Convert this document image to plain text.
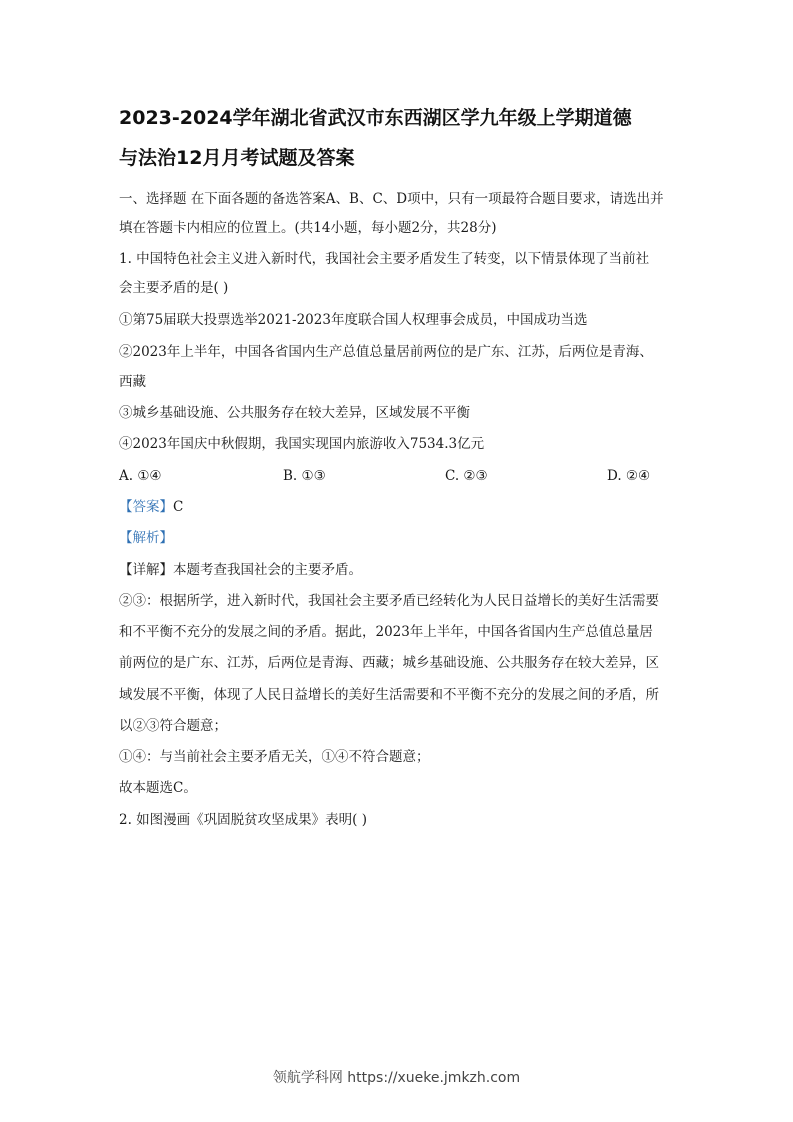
2023-2024学年湖北省武汉市东西湖区学九年级上学期道德
与法治12月月考试题及答案
一、选择题 在下面各题的备选答案A、B、C、D项中，只有一项最符合题目要求，请选出并
填在答题卡内相应的位置上。(共14小题，每小题2分，共28分)
1. 中国特色社会主义进入新时代，我国社会主要矛盾发生了转变，以下情景体现了当前社
会主要矛盾的是( )
①第75届联大投票选举2021-2023年度联合国人权理事会成员，中国成功当选
②2023年上半年，中国各省国内生产总值总量居前两位的是广东、江苏，后两位是青海、
西藏
③城乡基础设施、公共服务存在较大差异，区域发展不平衡
④2023年国庆中秋假期，我国实现国内旅游收入7534.3亿元
A. ①④	B. ①③	C. ②③	D. ②④
【答案】C
【解析】
【详解】本题考查我国社会的主要矛盾。
②③：根据所学，进入新时代，我国社会主要矛盾已经转化为人民日益增长的美好生活需要
和不平衡不充分的发展之间的矛盾。据此，2023年上半年，中国各省国内生产总值总量居
前两位的是广东、江苏，后两位是青海、西藏；城乡基础设施、公共服务存在较大差异，区
域发展不平衡，体现了人民日益增长的美好生活需要和不平衡不充分的发展之间的矛盾，所
以②③符合题意；
①④：与当前社会主要矛盾无关，①④不符合题意；
故本题选C。
2. 如图漫画《巩固脱贫攻坚成果》表明( )
领航学科网 https://xueke.jmkzh.com
